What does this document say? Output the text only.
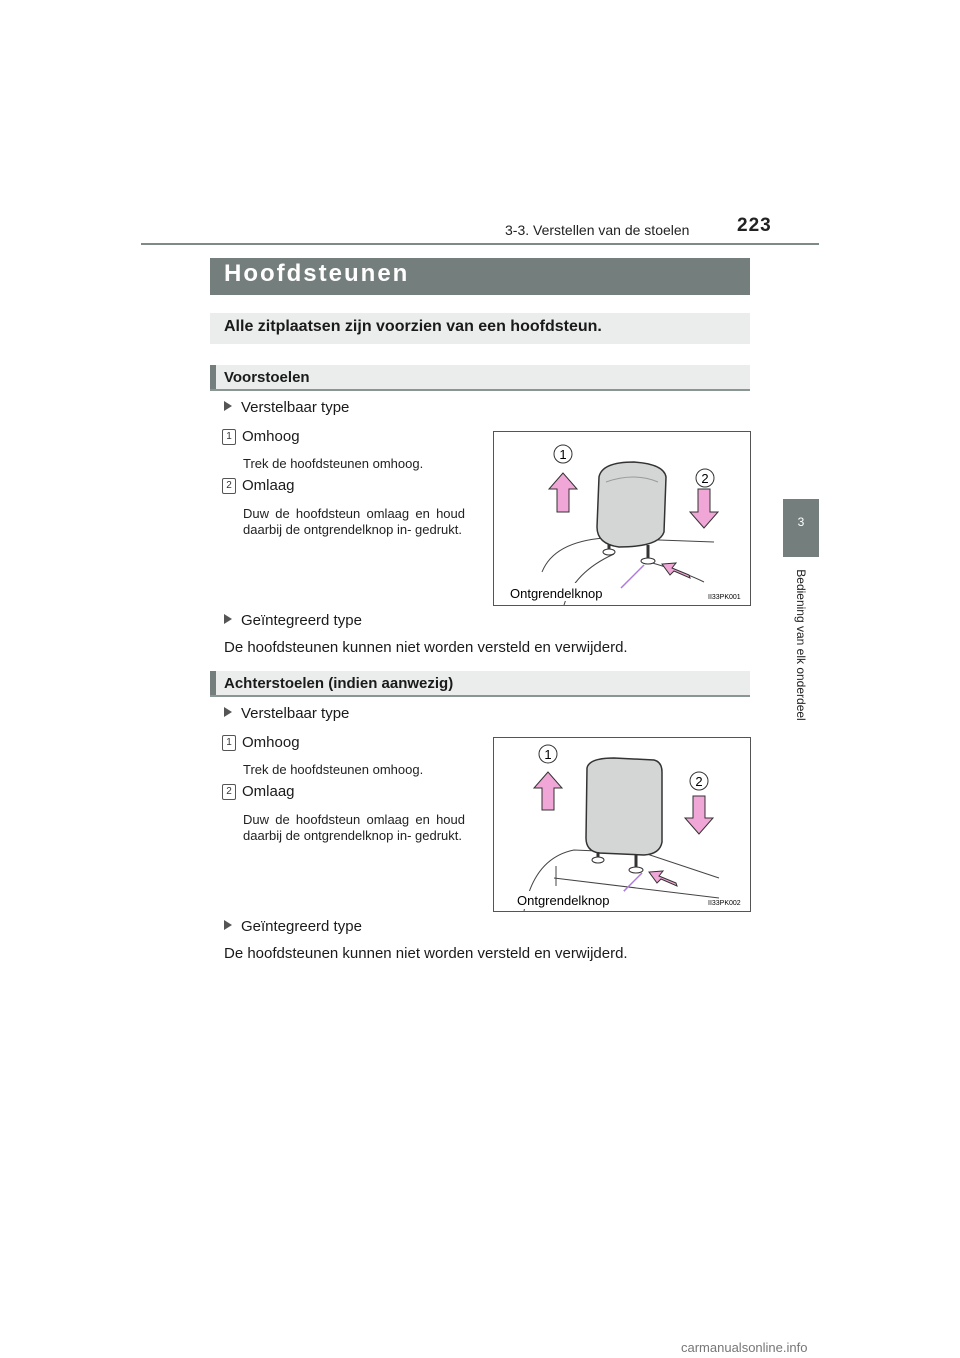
3-3. Verstellen van de stoelen	223
3
Bediening van elk onderdeel
Hoofdsteunen
Alle zitplaatsen zijn voorzien van een hoofdsteun.
Voorstoelen
Verstelbaar type
1 Omhoog
Trek de hoofdsteunen omhoog.
2 Omlaag
Duw de hoofdsteun omlaag en houd daarbij de ontgrendelknop in- gedrukt.
1
2
Ontgrendelknop	II33PK001
Geïntegreerd type
De hoofdsteunen kunnen niet worden versteld en verwijderd.
Achterstoelen (indien aanwezig)
Verstelbaar type
1 Omhoog
Trek de hoofdsteunen omhoog.
2 Omlaag
Duw de hoofdsteun omlaag en houd daarbij de ontgrendelknop in- gedrukt.
1
2
Ontgrendelknop	II33PK002
Geïntegreerd type
De hoofdsteunen kunnen niet worden versteld en verwijderd.
carmanualsonline.info
